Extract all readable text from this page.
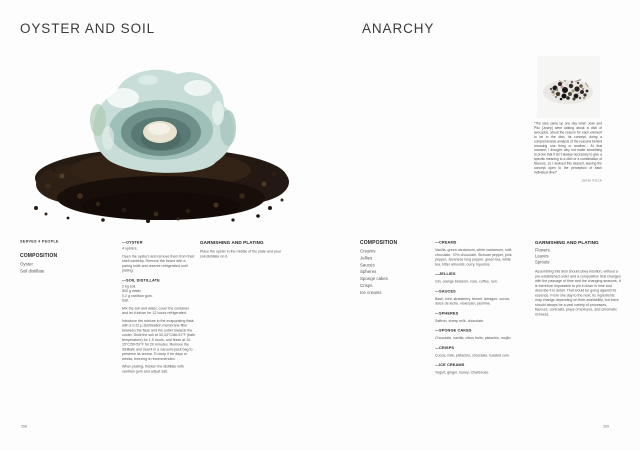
OYSTER AND SOIL
SERVES 4 PEOPLE
COMPOSITION
Oyster
Soil distillate
—OYSTER
4 oysters.
Open the oysters and remove them from their shell carefully. Remove the beard with a paring knife and reserve refrigerated until plating.
—SOIL DISTILLATE
2 kg soil.
500 g water.
0.2 g xanthan gum.
Salt.
Mix the soil and water, cover the container and let it infuse for 12 hours refrigerated.
Introduce the mixture in the evaporating flask with a 0.22 µ sterilisation membrane filter between the flask and the outlet towards the cooler. Distil the soil at 30-33°C/86-91°F (bath temperature) for 1.5 hours, and finish at 10-15°C/50-59°F for 20 minutes. Remove the distillate and seal it in a vacuum-pack bag to preserve its aroma. To keep it for days or weeks, freezing is recommended.
When plating, thicken the distillate with xanthan gum and adjust salt.
GARNISHING AND PLATING
Place the oyster in the middle of the plate and pour soil distillate on it.
358
ANARCHY
“The idea came up one day when Joan and Pitu [Josep] were talking about a dish of avocados, about the reason for each element to be in the dish, its concept, doing a comprehensive analysis of the reasons behind choosing one thing or another... At that moment, I thought, why not make something to prove that it isn’t always necessary to give a specific meaning to a dish or a combination of flavours, so I devised this dessert, leaving the concept open to the perception of each individual diner”
JORDI ROCA
COMPOSITION
Creams
Jellies
Sauces
Spheres
Sponge cakes
Crisps
Ice creams
—CREAMS
Vanilla, green cardamom, white cardamom, milk chocolate, 70% chocolate, Sichuan pepper, pink pepper, Javanese long pepper, green tea, white tea, bitter almonds, curry, liquorice.
—JELLIES
Gin, orange blossom, rose, coffee, rum.
—SAUCES
Basil, mint, strawberry, fennel, tarragon, cocoa, dulce de leche, violet jam, jasmine.
—SPHERES
Saffron, sheep milk, chocolate.
—SPONGE CAKES
Chocolate, vanilla, citrus fruits, pistachio, mojito.
—CRISPS
Cocoa, milk, pistachio, chocolate, toasted corn.
—ICE CREAMS
Yogurt, ginger, honey, Chartreuse.
GARNISHING AND PLATING
Flowers
Leaves
Sprouts
Assembling this dish should obey intuition, without a pre-established order and a composition that changes with the passage of time and the changing seasons. It is therefore impossible to pin it down in time and describe it in detail. That would be going against its essence. From one day to the next, its ingredients may change depending on their availability, but there should always be a vast variety of processes, flavours, contrasts, plays of textures, and chromatic richness.
359
